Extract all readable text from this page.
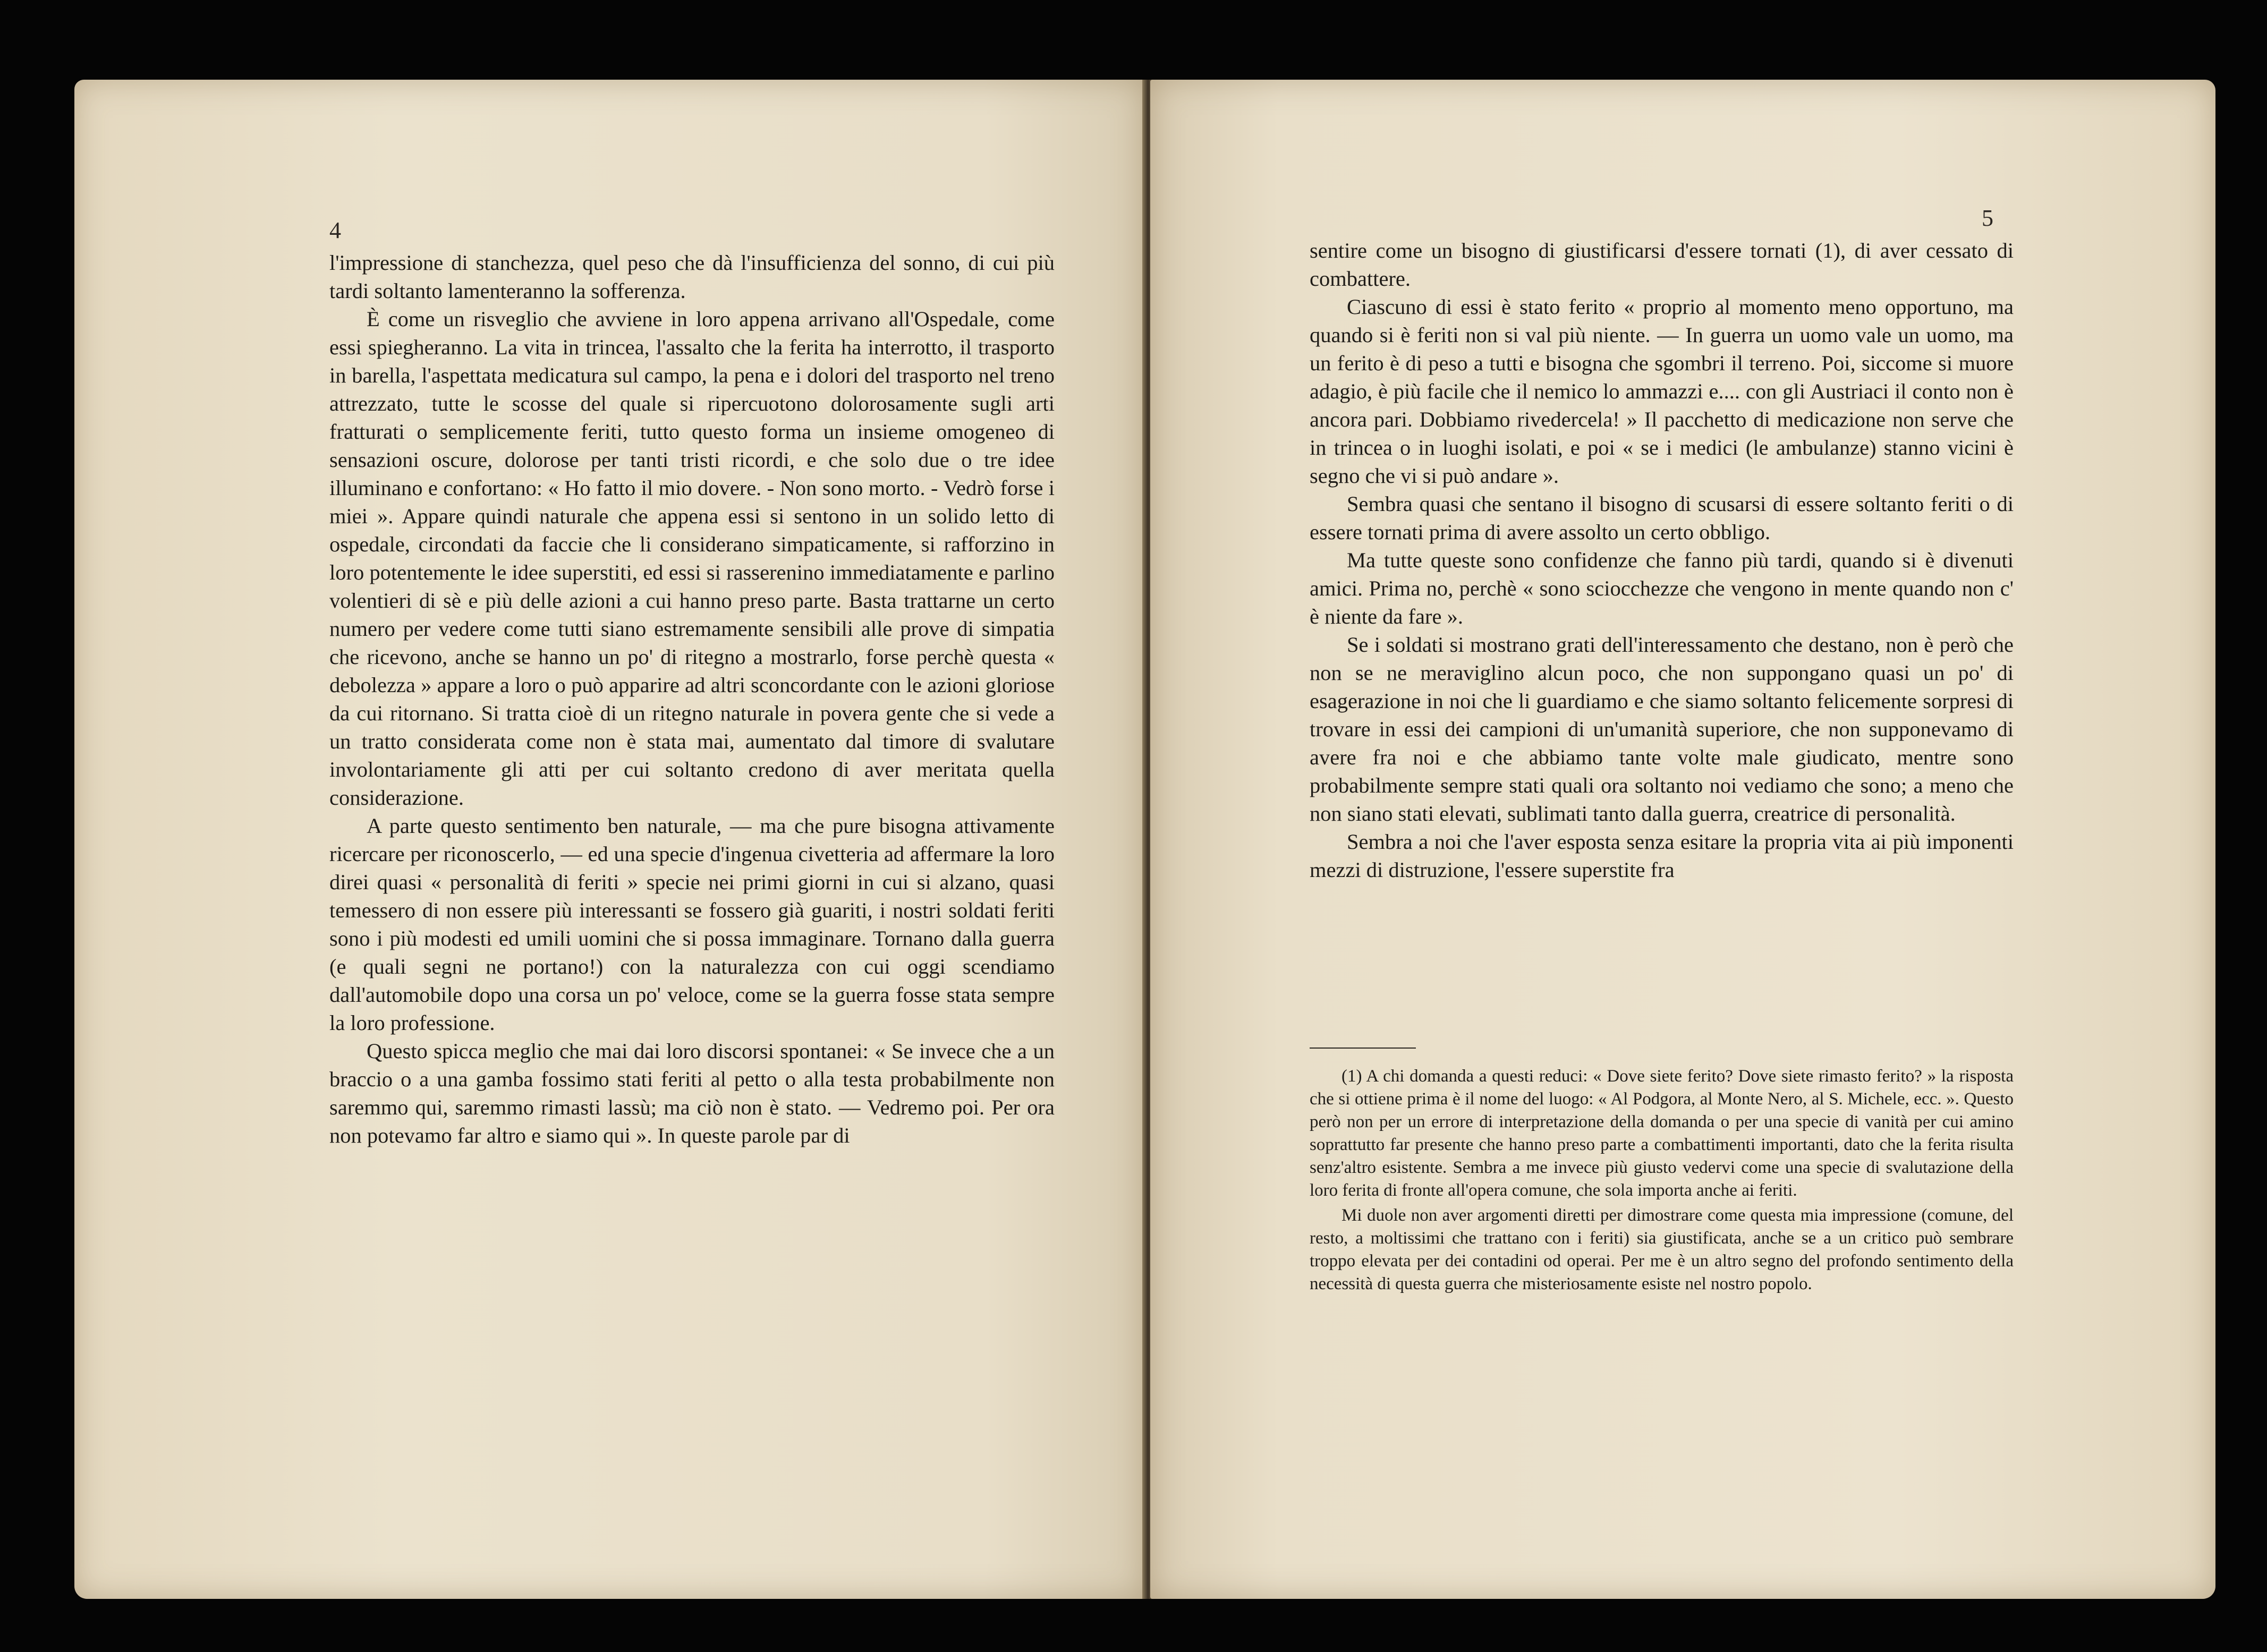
4

l'impressione di stanchezza, quel peso che dà l'insufficienza del sonno, di cui più tardi soltanto lamenteranno la sofferenza.

È come un risveglio che avviene in loro appena arrivano all'Ospedale, come essi spiegheranno. La vita in trincea, l'assalto che la ferita ha interrotto, il trasporto in barella, l'aspettata medicatura sul campo, la pena e i dolori del trasporto nel treno attrezzato, tutte le scosse del quale si ripercuotono dolorosamente sugli arti fratturati o semplicemente feriti, tutto questo forma un insieme omogeneo di sensazioni oscure, dolorose per tanti tristi ricordi, e che solo due o tre idee illuminano e confortano: « Ho fatto il mio dovere. - Non sono morto. - Vedrò forse i miei ». Appare quindi naturale che appena essi si sentono in un solido letto di ospedale, circondati da faccie che li considerano simpaticamente, si rafforzino in loro potentemente le idee superstiti, ed essi si rasserenino immediatamente e parlino volentieri di sè e più delle azioni a cui hanno preso parte. Basta trattarne un certo numero per vedere come tutti siano estremamente sensibili alle prove di simpatia che ricevono, anche se hanno un po' di ritegno a mostrarlo, forse perchè questa « debolezza » appare a loro o può apparire ad altri sconcordante con le azioni gloriose da cui ritornano. Si tratta cioè di un ritegno naturale in povera gente che si vede a un tratto considerata come non è stata mai, aumentato dal timore di svalutare involontariamente gli atti per cui soltanto credono di aver meritata quella considerazione.

A parte questo sentimento ben naturale, — ma che pure bisogna attivamente ricercare per riconoscerlo, — ed una specie d'ingenua civetteria ad affermare la loro direi quasi « personalità di feriti » specie nei primi giorni in cui si alzano, quasi temessero di non essere più interessanti se fossero già guariti, i nostri soldati feriti sono i più modesti ed umili uomini che si possa immaginare. Tornano dalla guerra (e quali segni ne portano!) con la naturalezza con cui oggi scendiamo dall'automobile dopo una corsa un po' veloce, come se la guerra fosse stata sempre la loro professione.

Questo spicca meglio che mai dai loro discorsi spontanei: « Se invece che a un braccio o a una gamba fossimo stati feriti al petto o alla testa probabilmente non saremmo qui, saremmo rimasti lassù; ma ciò non è stato. — Vedremo poi. Per ora non potevamo far altro e siamo qui ». In queste parole par di

5

sentire come un bisogno di giustificarsi d'essere tornati (1), di aver cessato di combattere.

Ciascuno di essi è stato ferito « proprio al momento meno opportuno, ma quando si è feriti non si val più niente. — In guerra un uomo vale un uomo, ma un ferito è di peso a tutti e bisogna che sgombri il terreno. Poi, siccome si muore adagio, è più facile che il nemico lo ammazzi e.... con gli Austriaci il conto non è ancora pari. Dobbiamo rivedercela! » Il pacchetto di medicazione non serve che in trincea o in luoghi isolati, e poi « se i medici (le ambulanze) stanno vicini è segno che vi si può andare ».

Sembra quasi che sentano il bisogno di scusarsi di essere soltanto feriti o di essere tornati prima di avere assolto un certo obbligo.

Ma tutte queste sono confidenze che fanno più tardi, quando si è divenuti amici. Prima no, perchè « sono sciocchezze che vengono in mente quando non c' è niente da fare ».

Se i soldati si mostrano grati dell'interessamento che destano, non è però che non se ne meraviglino alcun poco, che non suppongano quasi un po' di esagerazione in noi che li guardiamo e che siamo soltanto felicemente sorpresi di trovare in essi dei campioni di un'umanità superiore, che non supponevamo di avere fra noi e che abbiamo tante volte male giudicato, mentre sono probabilmente sempre stati quali ora soltanto noi vediamo che sono; a meno che non siano stati elevati, sublimati tanto dalla guerra, creatrice di personalità.

Sembra a noi che l'aver esposta senza esitare la propria vita ai più imponenti mezzi di distruzione, l'essere superstite fra

(1) A chi domanda a questi reduci: « Dove siete ferito? Dove siete rimasto ferito? » la risposta che si ottiene prima è il nome del luogo: « Al Podgora, al Monte Nero, al S. Michele, ecc. ». Questo però non per un errore di interpretazione della domanda o per una specie di vanità per cui amino soprattutto far presente che hanno preso parte a combattimenti importanti, dato che la ferita risulta senz'altro esistente. Sembra a me invece più giusto vedervi come una specie di svalutazione della loro ferita di fronte all'opera comune, che sola importa anche ai feriti.

Mi duole non aver argomenti diretti per dimostrare come questa mia impressione (comune, del resto, a moltissimi che trattano con i feriti) sia giustificata, anche se a un critico può sembrare troppo elevata per dei contadini od operai. Per me è un altro segno del profondo sentimento della necessità di questa guerra che misteriosamente esiste nel nostro popolo.
